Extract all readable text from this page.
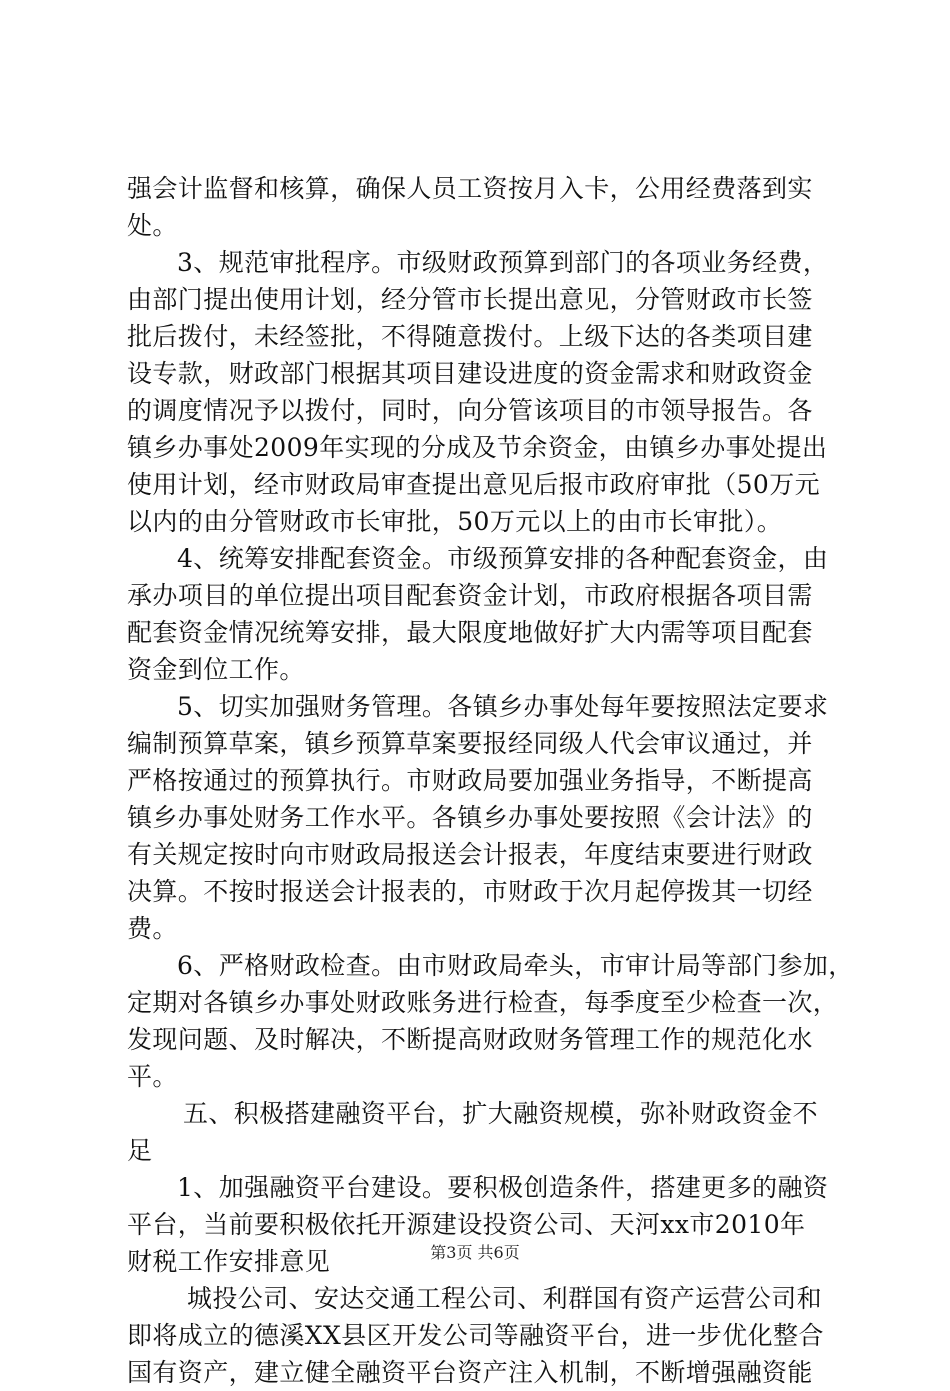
强会计监督和核算，确保人员工资按月入卡，公用经费落到实
处。
3、规范审批程序。市级财政预算到部门的各项业务经费，
由部门提出使用计划，经分管市长提出意见，分管财政市长签
批后拨付，未经签批，不得随意拨付。上级下达的各类项目建
设专款，财政部门根据其项目建设进度的资金需求和财政资金
的调度情况予以拨付，同时，向分管该项目的市领导报告。各
镇乡办事处2009年实现的分成及节余资金，由镇乡办事处提出
使用计划，经市财政局审查提出意见后报市政府审批（50万元
以内的由分管财政市长审批，50万元以上的由市长审批）。
4、统筹安排配套资金。市级预算安排的各种配套资金，由
承办项目的单位提出项目配套资金计划，市政府根据各项目需
配套资金情况统筹安排，最大限度地做好扩大内需等项目配套
资金到位工作。
5、切实加强财务管理。各镇乡办事处每年要按照法定要求
编制预算草案，镇乡预算草案要报经同级人代会审议通过，并
严格按通过的预算执行。市财政局要加强业务指导，不断提高
镇乡办事处财务工作水平。各镇乡办事处要按照《会计法》的
有关规定按时向市财政局报送会计报表，年度结束要进行财政
决算。不按时报送会计报表的，市财政于次月起停拨其一切经
费。
6、严格财政检查。由市财政局牵头，市审计局等部门参加，
定期对各镇乡办事处财政账务进行检查，每季度至少检查一次，
发现问题、及时解决，不断提高财政财务管理工作的规范化水
平。
五、积极搭建融资平台，扩大融资规模，弥补财政资金不
足
1、加强融资平台建设。要积极创造条件，搭建更多的融资
平台，当前要积极依托开源建设投资公司、天河xx市2010年
财税工作安排意见
城投公司、安达交通工程公司、利群国有资产运营公司和
即将成立的德溪XX县区开发公司等融资平台，进一步优化整合
国有资产，建立健全融资平台资产注入机制，不断增强融资能
第3页 共6页
